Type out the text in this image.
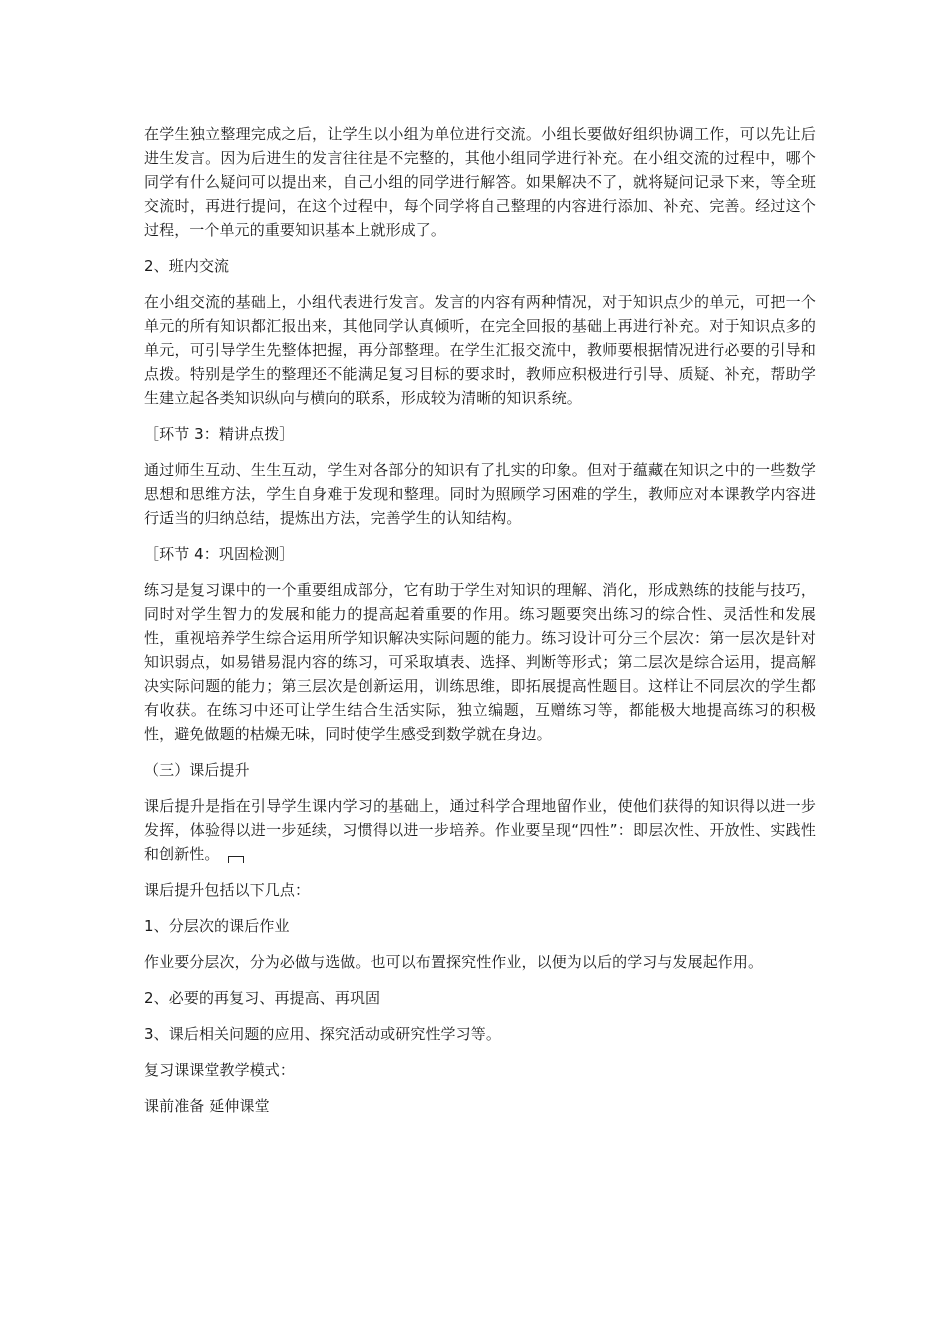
在学生独立整理完成之后，让学生以小组为单位进行交流。小组长要做好组织协调工作，可以先让后进生发言。因为后进生的发言往往是不完整的，其他小组同学进行补充。在小组交流的过程中，哪个同学有什么疑问可以提出来，自己小组的同学进行解答。如果解决不了，就将疑问记录下来，等全班交流时，再进行提问，在这个过程中，每个同学将自己整理的内容进行添加、补充、完善。经过这个过程，一个单元的重要知识基本上就形成了。

2、班内交流

在小组交流的基础上，小组代表进行发言。发言的内容有两种情况，对于知识点少的单元，可把一个单元的所有知识都汇报出来，其他同学认真倾听，在完全回报的基础上再进行补充。对于知识点多的单元，可引导学生先整体把握，再分部整理。在学生汇报交流中，教师要根据情况进行必要的引导和点拨。特别是学生的整理还不能满足复习目标的要求时，教师应积极进行引导、质疑、补充，帮助学生建立起各类知识纵向与横向的联系，形成较为清晰的知识系统。

［环节 3：精讲点拨］

通过师生互动、生生互动，学生对各部分的知识有了扎实的印象。但对于蕴藏在知识之中的一些数学思想和思维方法，学生自身难于发现和整理。同时为照顾学习困难的学生，教师应对本课教学内容进行适当的归纳总结，提炼出方法，完善学生的认知结构。

［环节 4：巩固检测］

练习是复习课中的一个重要组成部分，它有助于学生对知识的理解、消化，形成熟练的技能与技巧，同时对学生智力的发展和能力的提高起着重要的作用。练习题要突出练习的综合性、灵活性和发展性，重视培养学生综合运用所学知识解决实际问题的能力。练习设计可分三个层次：第一层次是针对知识弱点，如易错易混内容的练习，可采取填表、选择、判断等形式；第二层次是综合运用，提高解决实际问题的能力；第三层次是创新运用，训练思维，即拓展提高性题目。这样让不同层次的学生都有收获。在练习中还可让学生结合生活实际，独立编题，互赠练习等，都能极大地提高练习的积极性，避免做题的枯燥无味，同时使学生感受到数学就在身边。

（三）课后提升

课后提升是指在引导学生课内学习的基础上，通过科学合理地留作业，使他们获得的知识得以进一步发挥，体验得以进一步延续，习惯得以进一步培养。作业要呈现“四性”：即层次性、开放性、实践性和创新性。

课后提升包括以下几点：

1、分层次的课后作业

作业要分层次，分为必做与选做。也可以布置探究性作业，以便为以后的学习与发展起作用。

2、必要的再复习、再提高、再巩固

3、课后相关问题的应用、探究活动或研究性学习等。

复习课课堂教学模式：

课前准备 延伸课堂
